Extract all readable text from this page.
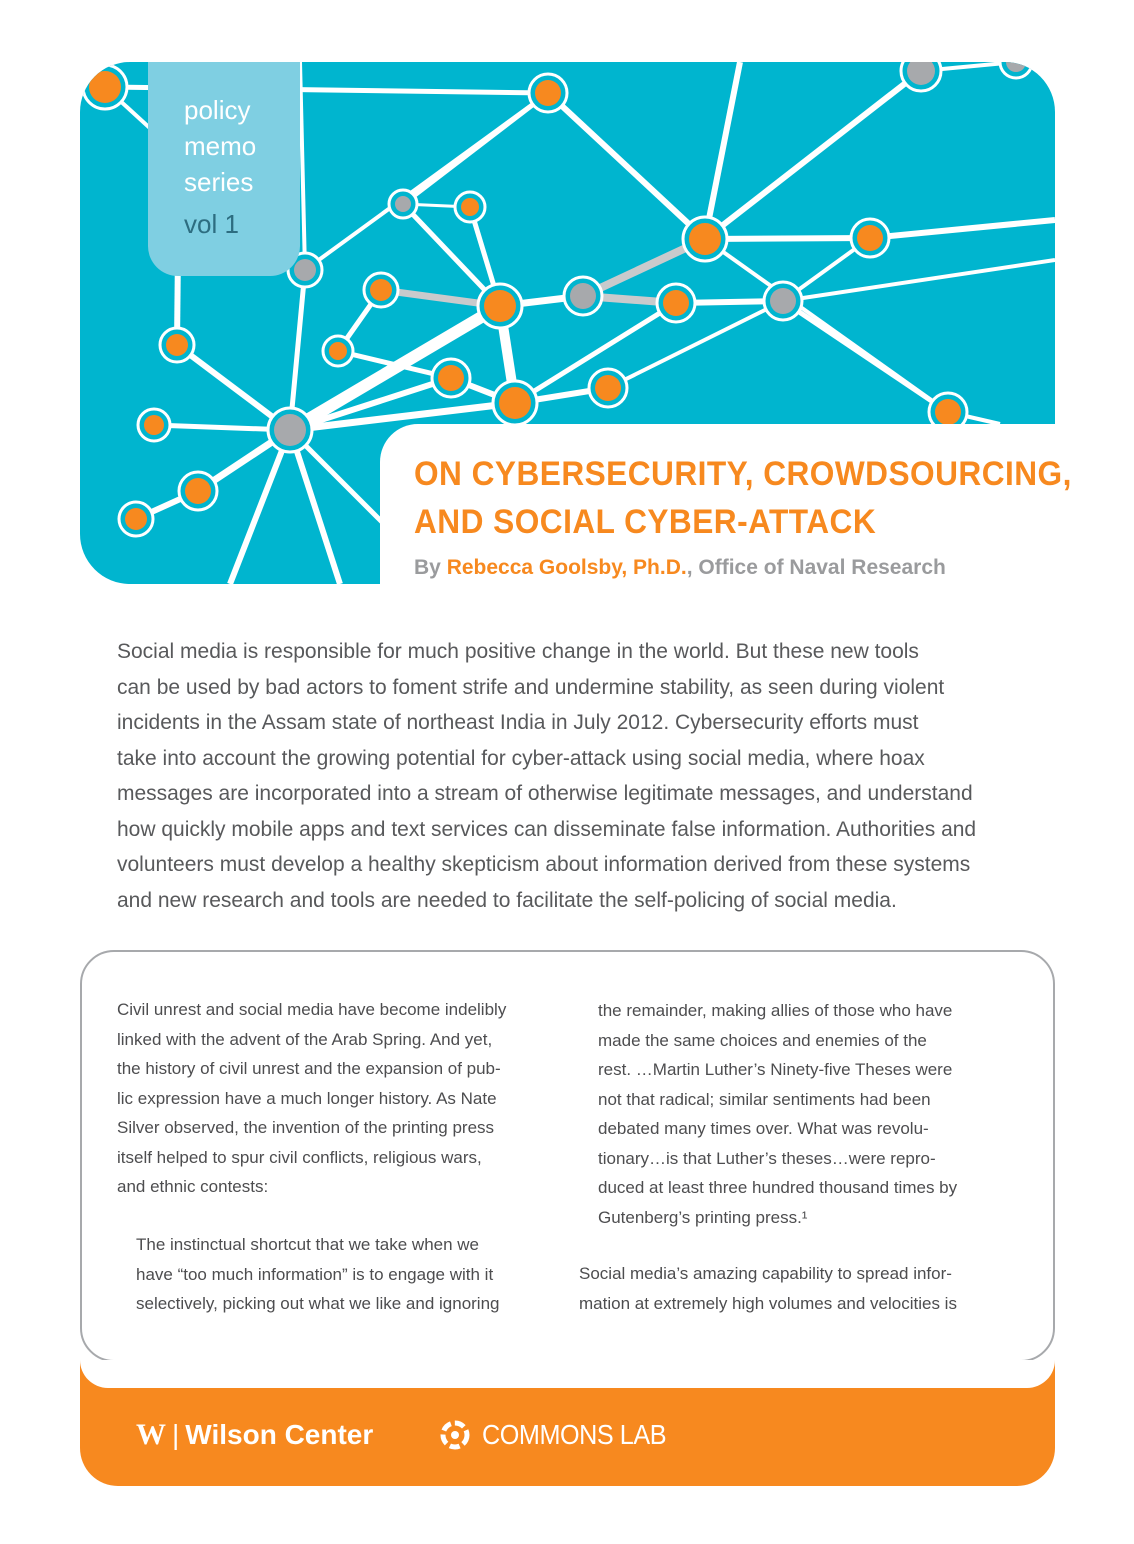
policy
memo
series
vol 1
ON CYBERSECURITY, CROWDSOURCING,
AND SOCIAL CYBER-ATTACK

By Rebecca Goolsby, Ph.D., Office of Naval Research

Social media is responsible for much positive change in the world. But these new tools
can be used by bad actors to foment strife and undermine stability, as seen during violent
incidents in the Assam state of northeast India in July 2012. Cybersecurity efforts must
take into account the growing potential for cyber-attack using social media, where hoax
messages are incorporated into a stream of otherwise legitimate messages, and understand
how quickly mobile apps and text services can disseminate false information. Authorities and
volunteers must develop a healthy skepticism about information derived from these systems
and new research and tools are needed to facilitate the self-policing of social media.
Civil unrest and social media have become indelibly
linked with the advent of the Arab Spring. And yet,
the history of civil unrest and the expansion of pub-
lic expression have a much longer history. As Nate
Silver observed, the invention of the printing press
itself helped to spur civil conflicts, religious wars,
and ethnic contests:
The instinctual shortcut that we take when we
have “too much information” is to engage with it
selectively, picking out what we like and ignoring
the remainder, making allies of those who have
made the same choices and enemies of the
rest. …Martin Luther’s Ninety-five Theses were
not that radical; similar sentiments had been
debated many times over. What was revolu-
tionary…is that Luther’s theses…were repro-
duced at least three hundred thousand times by
Gutenberg’s printing press.¹
Social media’s amazing capability to spread infor-
mation at extremely high volumes and velocities is
W | Wilson Center	COMMONS LAB
